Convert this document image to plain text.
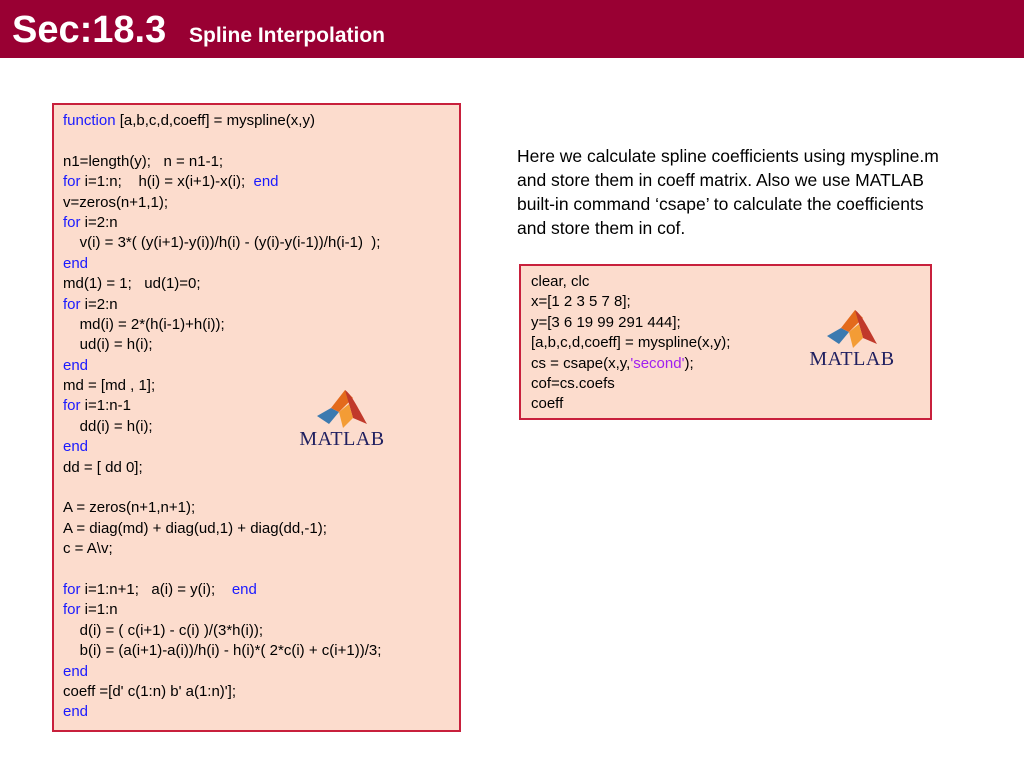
Sec:18.3 Spline Interpolation
function [a,b,c,d,coeff] = myspline(x,y)

n1=length(y);   n = n1-1;
for i=1:n;    h(i) = x(i+1)-x(i);  end
v=zeros(n+1,1);
for i=2:n
v(i) = 3*( (y(i+1)-y(i))/h(i) - (y(i)-y(i-1))/h(i-1)  );
end
md(1) = 1;   ud(1)=0;
for i=2:n
md(i) = 2*(h(i-1)+h(i));
ud(i) = h(i);
end
md = [md , 1];
for i=1:n-1
dd(i) = h(i);
end
dd = [ dd 0];

A = zeros(n+1,n+1);
A = diag(md) + diag(ud,1) + diag(dd,-1);
c = A\v;

for i=1:n+1;   a(i) = y(i);    end
for i=1:n
d(i) = ( c(i+1) - c(i) )/(3*h(i));
b(i) = (a(i+1)-a(i))/h(i) - h(i)*( 2*c(i) + c(i+1))/3;
end
coeff =[d' c(1:n) b' a(1:n)'];
end
MATLAB
Here we calculate spline coefficients using myspline.m and store them in coeff matrix. Also we use MATLAB built-in command ‘csape’ to calculate the coefficients and store them in cof.
clear, clc
x=[1 2 3 5 7 8];
y=[3 6 19 99 291 444];
[a,b,c,d,coeff] = myspline(x,y);
cs = csape(x,y,'second');
cof=cs.coefs
coeff
MATLAB
